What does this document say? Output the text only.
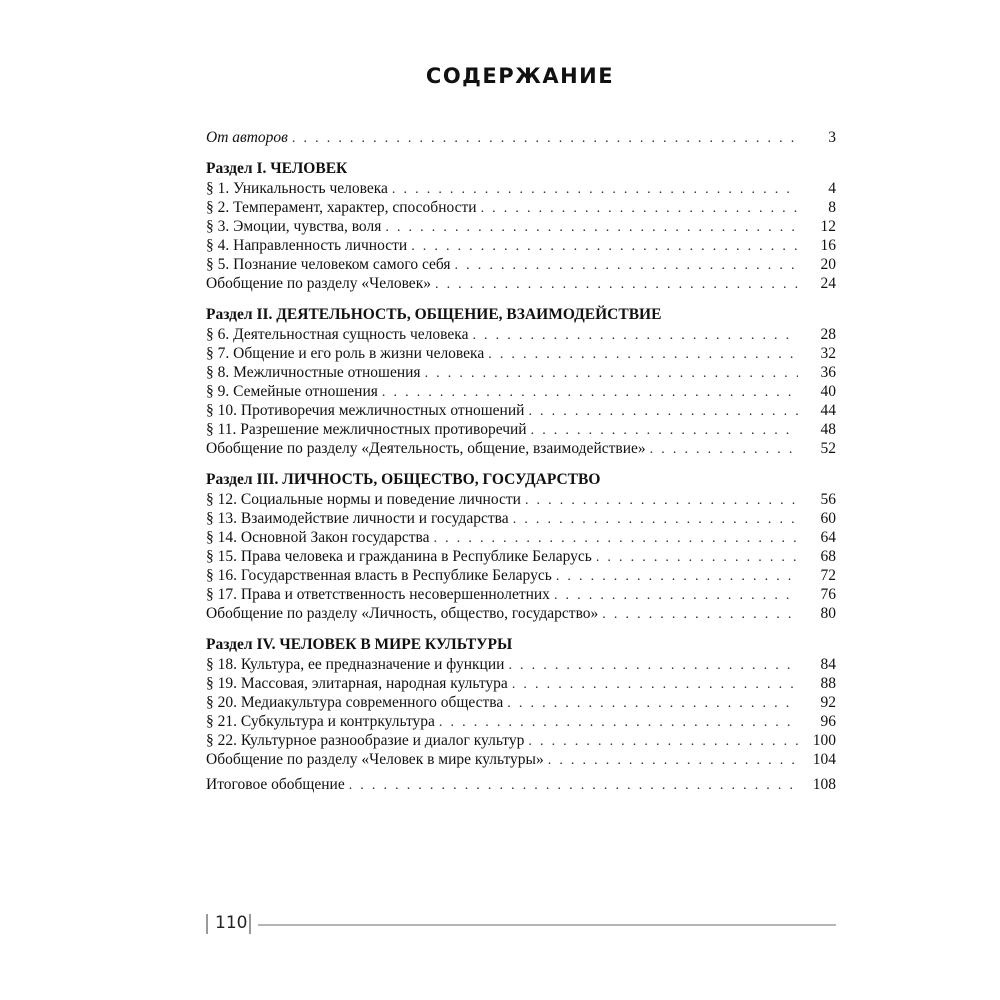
СОДЕРЖАНИЕ
От авторов . . .	3
Раздел I. ЧЕЛОВЕК
§ 1. Уникальность человека . . .	4
§ 2. Темперамент, характер, способности . . .	8
§ 3. Эмоции, чувства, воля . . .	12
§ 4. Направленность личности . . .	16
§ 5. Познание человеком самого себя . . .	20
Обобщение по разделу «Человек» . . .	24
Раздел II. ДЕЯТЕЛЬНОСТЬ, ОБЩЕНИЕ, ВЗАИМОДЕЙСТВИЕ
§ 6. Деятельностная сущность человека . . .	28
§ 7. Общение и его роль в жизни человека . . .	32
§ 8. Межличностные отношения . . .	36
§ 9. Семейные отношения . . .	40
§ 10. Противоречия межличностных отношений . . .	44
§ 11. Разрешение межличностных противоречий . . .	48
Обобщение по разделу «Деятельность, общение, взаимодействие» . . .	52
Раздел III. ЛИЧНОСТЬ, ОБЩЕСТВО, ГОСУДАРСТВО
§ 12. Социальные нормы и поведение личности . . .	56
§ 13. Взаимодействие личности и государства . . .	60
§ 14. Основной Закон государства . . .	64
§ 15. Права человека и гражданина в Республике Беларусь . . .	68
§ 16. Государственная власть в Республике Беларусь . . .	72
§ 17. Права и ответственность несовершеннолетних . . .	76
Обобщение по разделу «Личность, общество, государство» . . .	80
Раздел IV. ЧЕЛОВЕК В МИРЕ КУЛЬТУРЫ
§ 18. Культура, ее предназначение и функции . . .	84
§ 19. Массовая, элитарная, народная культура . . .	88
§ 20. Медиакультура современного общества . . .	92
§ 21. Субкультура и контркультура . . .	96
§ 22. Культурное разнообразие и диалог культур . . .	100
Обобщение по разделу «Человек в мире культуры» . . .	104
Итоговое обобщение . . .	108
110
